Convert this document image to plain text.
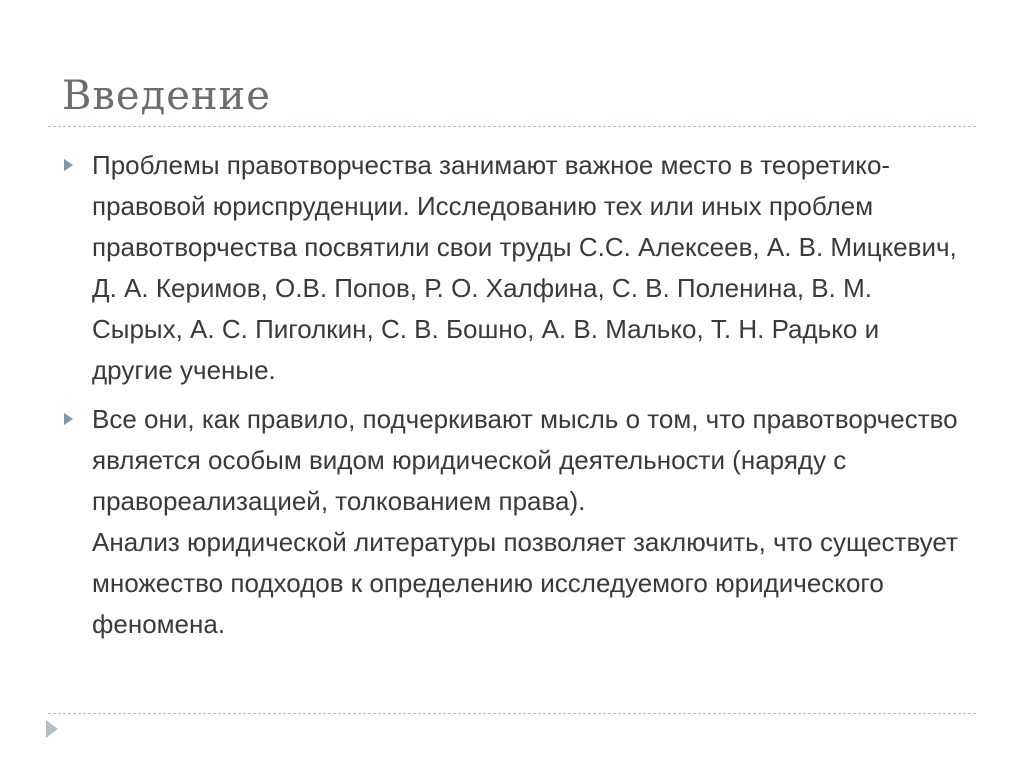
Введение
Проблемы правотворчества занимают важное место в теоретико-правовой юриспруденции. Исследованию тех или иных проблем правотворчества посвятили свои труды С.С. Алексеев, А. В. Мицкевич, Д. А. Керимов, О.В. Попов, Р. О. Халфина, С. В. Поленина, В. М. Сырых, А. С. Пиголкин, С. В. Бошно, А. В. Малько, Т. Н. Радько и другие ученые.
Все они, как правило, подчеркивают мысль о том, что правотворчество является особым видом юридической деятельности (наряду с правореализацией, толкованием права).
Анализ юридической литературы позволяет заключить, что существует множество подходов к определению исследуемого юридического феномена.
